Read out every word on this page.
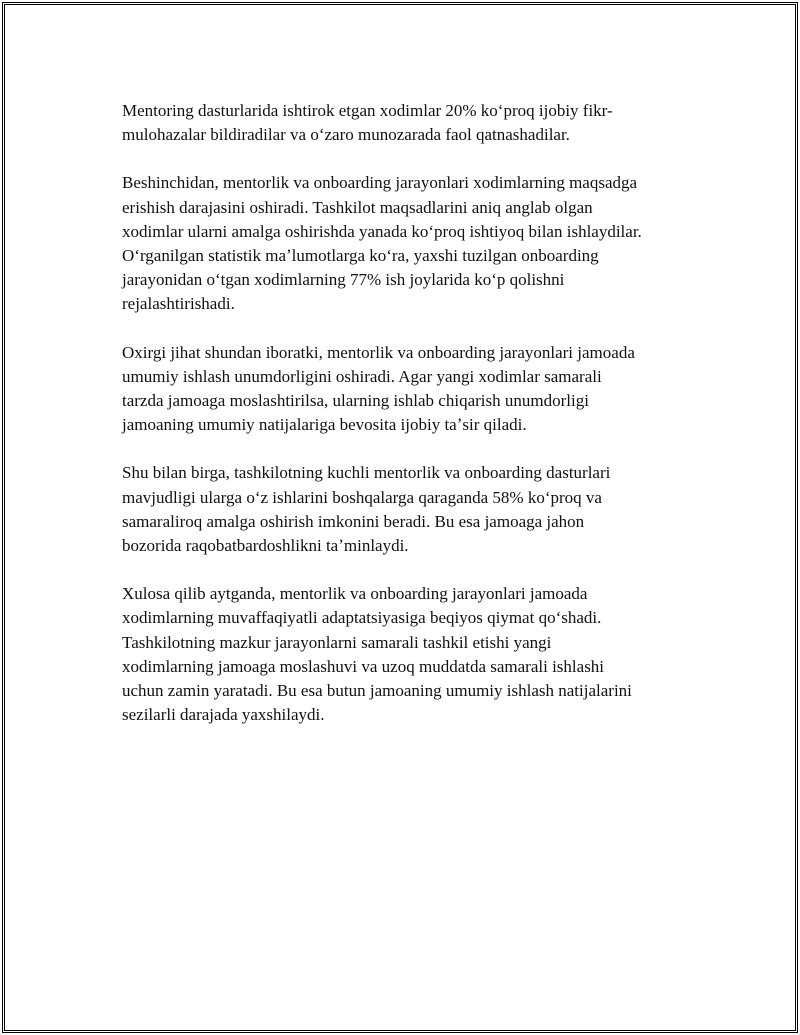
Mentoring dasturlarida ishtirok etgan xodimlar 20% koʻproq ijobiy fikr-
mulohazalar bildiradilar va oʻzaro munozarada faol qatnashadilar.

Beshinchidan, mentorlik va onboarding jarayonlari xodimlarning maqsadga
erishish darajasini oshiradi. Tashkilot maqsadlarini aniq anglab olgan
xodimlar ularni amalga oshirishda yanada koʻproq ishtiyoq bilan ishlaydilar.
Oʻrganilgan statistik maʼlumotlarga koʻra, yaxshi tuzilgan onboarding
jarayonidan oʻtgan xodimlarning 77% ish joylarida koʻp qolishni
rejalashtirishadi.

Oxirgi jihat shundan iboratki, mentorlik va onboarding jarayonlari jamoada
umumiy ishlash unumdorligini oshiradi. Agar yangi xodimlar samarali
tarzda jamoaga moslashtirilsa, ularning ishlab chiqarish unumdorligi
jamoaning umumiy natijalariga bevosita ijobiy taʼsir qiladi.

Shu bilan birga, tashkilotning kuchli mentorlik va onboarding dasturlari
mavjudligi ularga oʻz ishlarini boshqalarga qaraganda 58% koʻproq va
samaraliroq amalga oshirish imkonini beradi. Bu esa jamoaga jahon
bozorida raqobatbardoshlikni taʼminlaydi.

Xulosa qilib aytganda, mentorlik va onboarding jarayonlari jamoada
xodimlarning muvaffaqiyatli adaptatsiyasiga beqiyos qiymat qoʻshadi.
Tashkilotning mazkur jarayonlarni samarali tashkil etishi yangi
xodimlarning jamoaga moslashuvi va uzoq muddatda samarali ishlashi
uchun zamin yaratadi. Bu esa butun jamoaning umumiy ishlash natijalarini
sezilarli darajada yaxshilaydi.
